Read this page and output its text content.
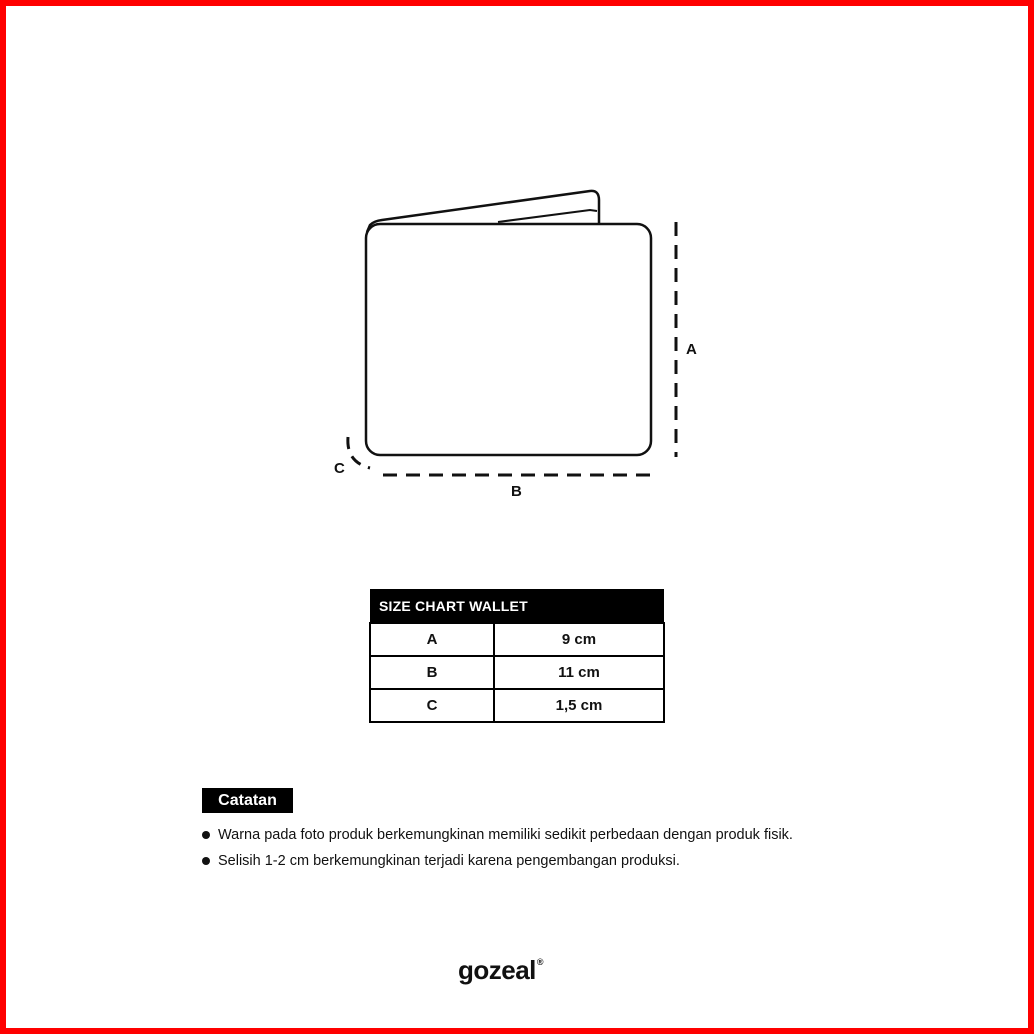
A
B
C
SIZE CHART WALLET	
A	9 cm
B	11 cm
C	1,5 cm
Catatan
Warna pada foto produk berkemungkinan memiliki sedikit perbedaan dengan produk fisik.
Selisih 1-2 cm berkemungkinan terjadi karena pengembangan produksi.
gozeal®
